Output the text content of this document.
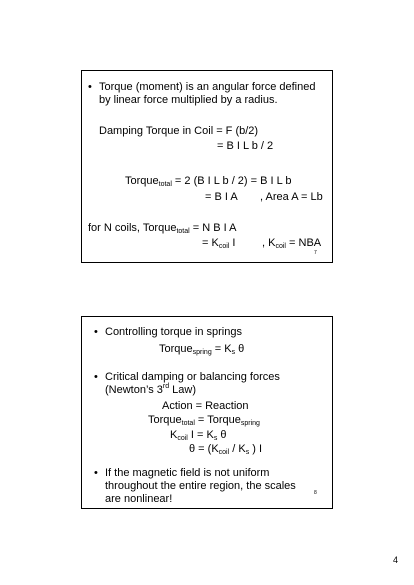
• Torque (moment) is an angular force defined
by linear force multiplied by a radius.
Damping Torque in Coil = F (b/2)
= B I L b / 2
Torque$_{total}$ = 2 (B I L b / 2) = B I L b
= B I A , Area A = Lb
for N coils, Torque$_{total}$ = N B I A
= $K_{coil}$ I , $K_{coil}$ = NBA
7
• Controlling torque in springs
Torque$_{spring}$ = $K_s$ θ
• Critical damping or balancing forces
(Newton’s 3rd Law)
Action = Reaction
Torque$_{total}$ = Torque$_{spring}$
$K_{coil}$ $I = K_s$ θ
$\theta = (K_{coil} / K_s$ ) I
• If the magnetic field is not uniform
throughout the entire region, the scales
are nonlinear!	8
4
